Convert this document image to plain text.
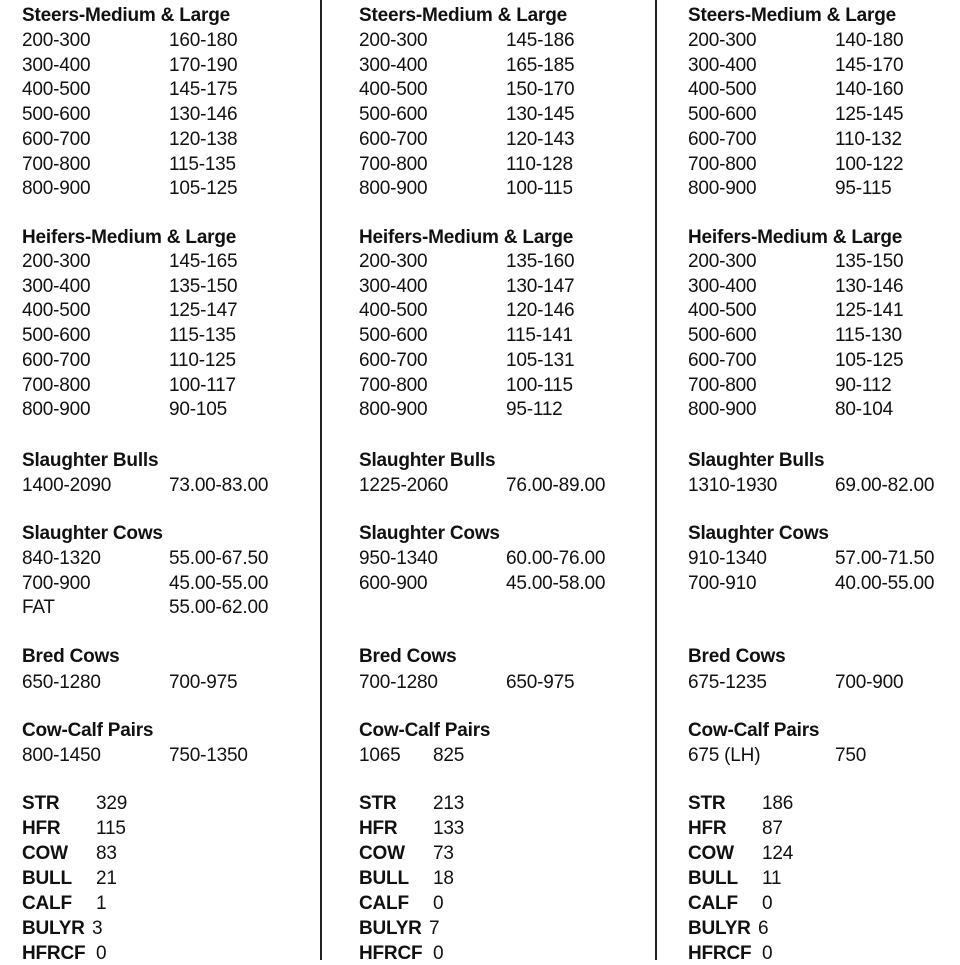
Steers-Medium & Large
200-300	160-180
300-400	170-190
400-500	145-175
500-600	130-146
600-700	120-138
700-800	115-135
800-900	105-125
Heifers-Medium & Large
200-300	145-165
300-400	135-150
400-500	125-147
500-600	115-135
600-700	110-125
700-800	100-117
800-900	90-105
Slaughter Bulls
1400-2090	73.00-83.00
Slaughter Cows
840-1320	55.00-67.50
700-900	45.00-55.00
FAT	55.00-62.00
Bred Cows
650-1280	700-975
Cow-Calf Pairs
800-1450	750-1350
STR 329
HFR 115
COW 83
BULL 21
CALF 1
BULYR 3
HFRCF 0
Steers-Medium & Large
200-300	145-186
300-400	165-185
400-500	150-170
500-600	130-145
600-700	120-143
700-800	110-128
800-900	100-115
Heifers-Medium & Large
200-300	135-160
300-400	130-147
400-500	120-146
500-600	115-141
600-700	105-131
700-800	100-115
800-900	95-112
Slaughter Bulls
1225-2060	76.00-89.00
Slaughter Cows
950-1340	60.00-76.00
600-900	45.00-58.00
Bred Cows
700-1280	650-975
Cow-Calf Pairs
1065 825
STR 213
HFR 133
COW 73
BULL 18
CALF 0
BULYR 7
HFRCF 0
Steers-Medium & Large
200-300	140-180
300-400	145-170
400-500	140-160
500-600	125-145
600-700	110-132
700-800	100-122
800-900	95-115
Heifers-Medium & Large
200-300	135-150
300-400	130-146
400-500	125-141
500-600	115-130
600-700	105-125
700-800	90-112
800-900	80-104
Slaughter Bulls
1310-1930	69.00-82.00
Slaughter Cows
910-1340	57.00-71.50
700-910	40.00-55.00
Bred Cows
675-1235	700-900
Cow-Calf Pairs
675 (LH)	750
STR 186
HFR 87
COW 124
BULL 11
CALF 0
BULYR 6
HFRCF 0
